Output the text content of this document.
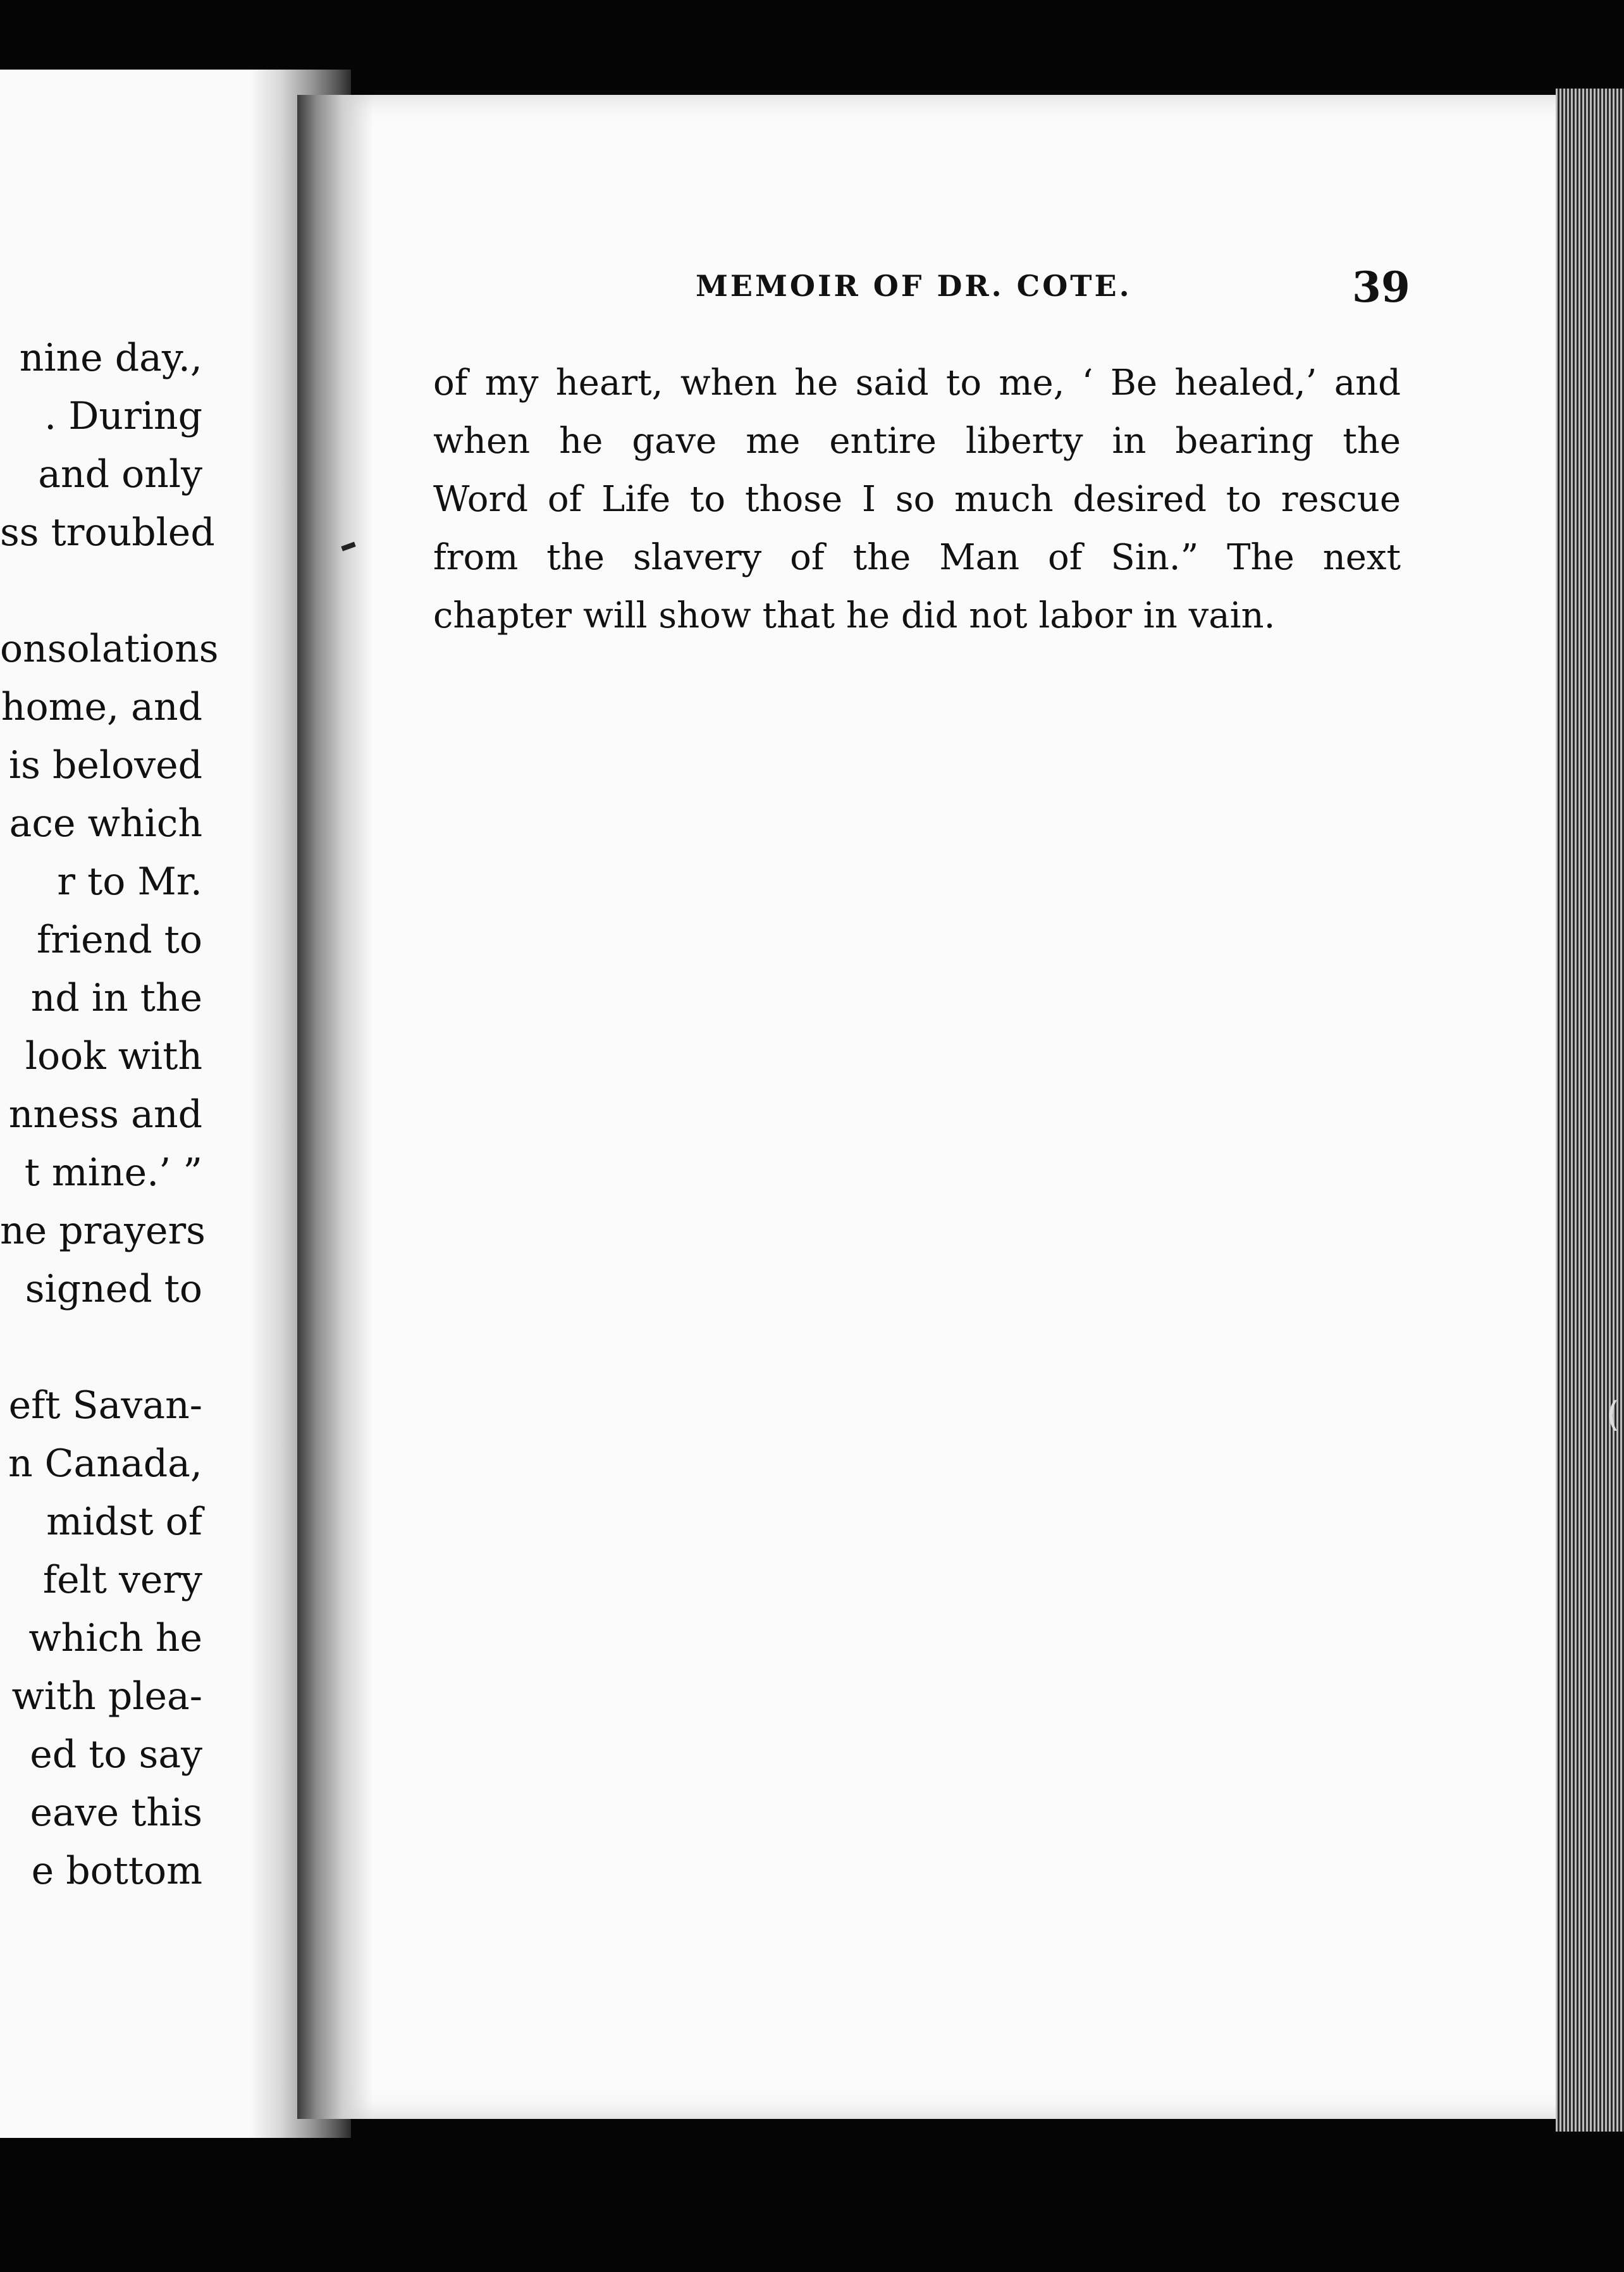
nine day.,
. During
and only
ss troubled
onsolations
home, and
is beloved
ace which
r to Mr.
friend to
nd in the
look with
nness and
t mine.’ ”
ne prayers
signed to
eft Savan-
n Canada,
midst of
felt very
which he
with plea-
ed to say
eave this
e bottom
MEMOIR OF DR. COTE.	39
of my heart, when he said to me, ‘ Be healed,’ and
when he gave me entire liberty in bearing the
Word of Life to those I so much desired to rescue
from the slavery of the Man of Sin.” The next
chapter will show that he did not labor in vain.
(
